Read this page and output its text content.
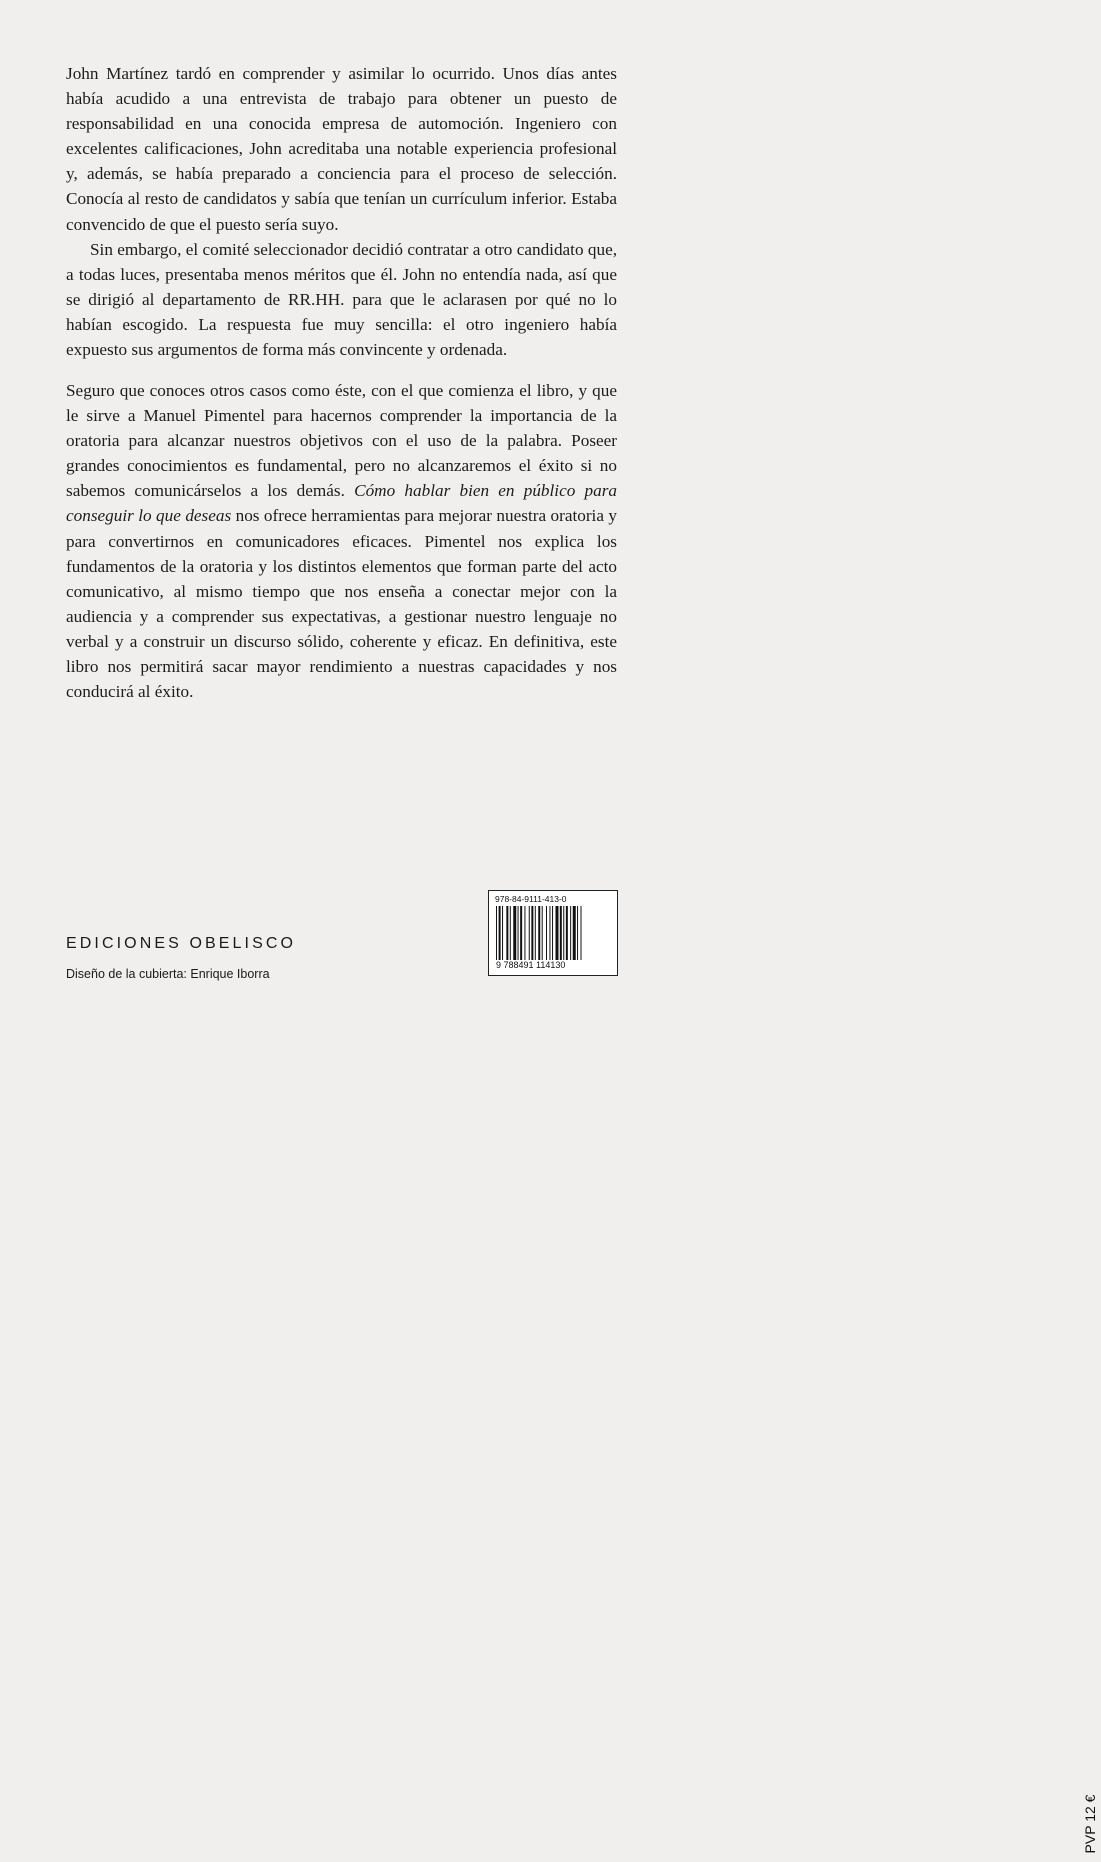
John Martínez tardó en comprender y asimilar lo ocurrido. Unos días antes había acudido a una entrevista de trabajo para obtener un puesto de responsabilidad en una conocida empresa de automoción. Ingeniero con excelentes calificaciones, John acreditaba una notable experiencia profesional y, además, se había preparado a conciencia para el proceso de selección. Conocía al resto de candidatos y sabía que tenían un currículum inferior. Estaba convencido de que el puesto sería suyo.

Sin embargo, el comité seleccionador decidió contratar a otro candidato que, a todas luces, presentaba menos méritos que él. John no entendía nada, así que se dirigió al departamento de RR.HH. para que le aclarasen por qué no lo habían escogido. La respuesta fue muy sencilla: el otro ingeniero había expuesto sus argumentos de forma más convincente y ordenada.

Seguro que conoces otros casos como éste, con el que comienza el libro, y que le sirve a Manuel Pimentel para hacernos comprender la importancia de la oratoria para alcanzar nuestros objetivos con el uso de la palabra. Poseer grandes conocimientos es fundamental, pero no alcanzaremos el éxito si no sabemos comunicárselos a los demás. Cómo hablar bien en público para conseguir lo que deseas nos ofrece herramientas para mejorar nuestra oratoria y para convertirnos en comunicadores eficaces. Pimentel nos explica los fundamentos de la oratoria y los distintos elementos que forman parte del acto comunicativo, al mismo tiempo que nos enseña a conectar mejor con la audiencia y a comprender sus expectativas, a gestionar nuestro lenguaje no verbal y a construir un discurso sólido, coherente y eficaz. En definitiva, este libro nos permitirá sacar mayor rendimiento a nuestras capacidades y nos conducirá al éxito.

EDICIONES OBELISCO
Diseño de la cubierta: Enrique Iborra
978-84-9111-413-0
9 788491 114130
PVP 12 €
